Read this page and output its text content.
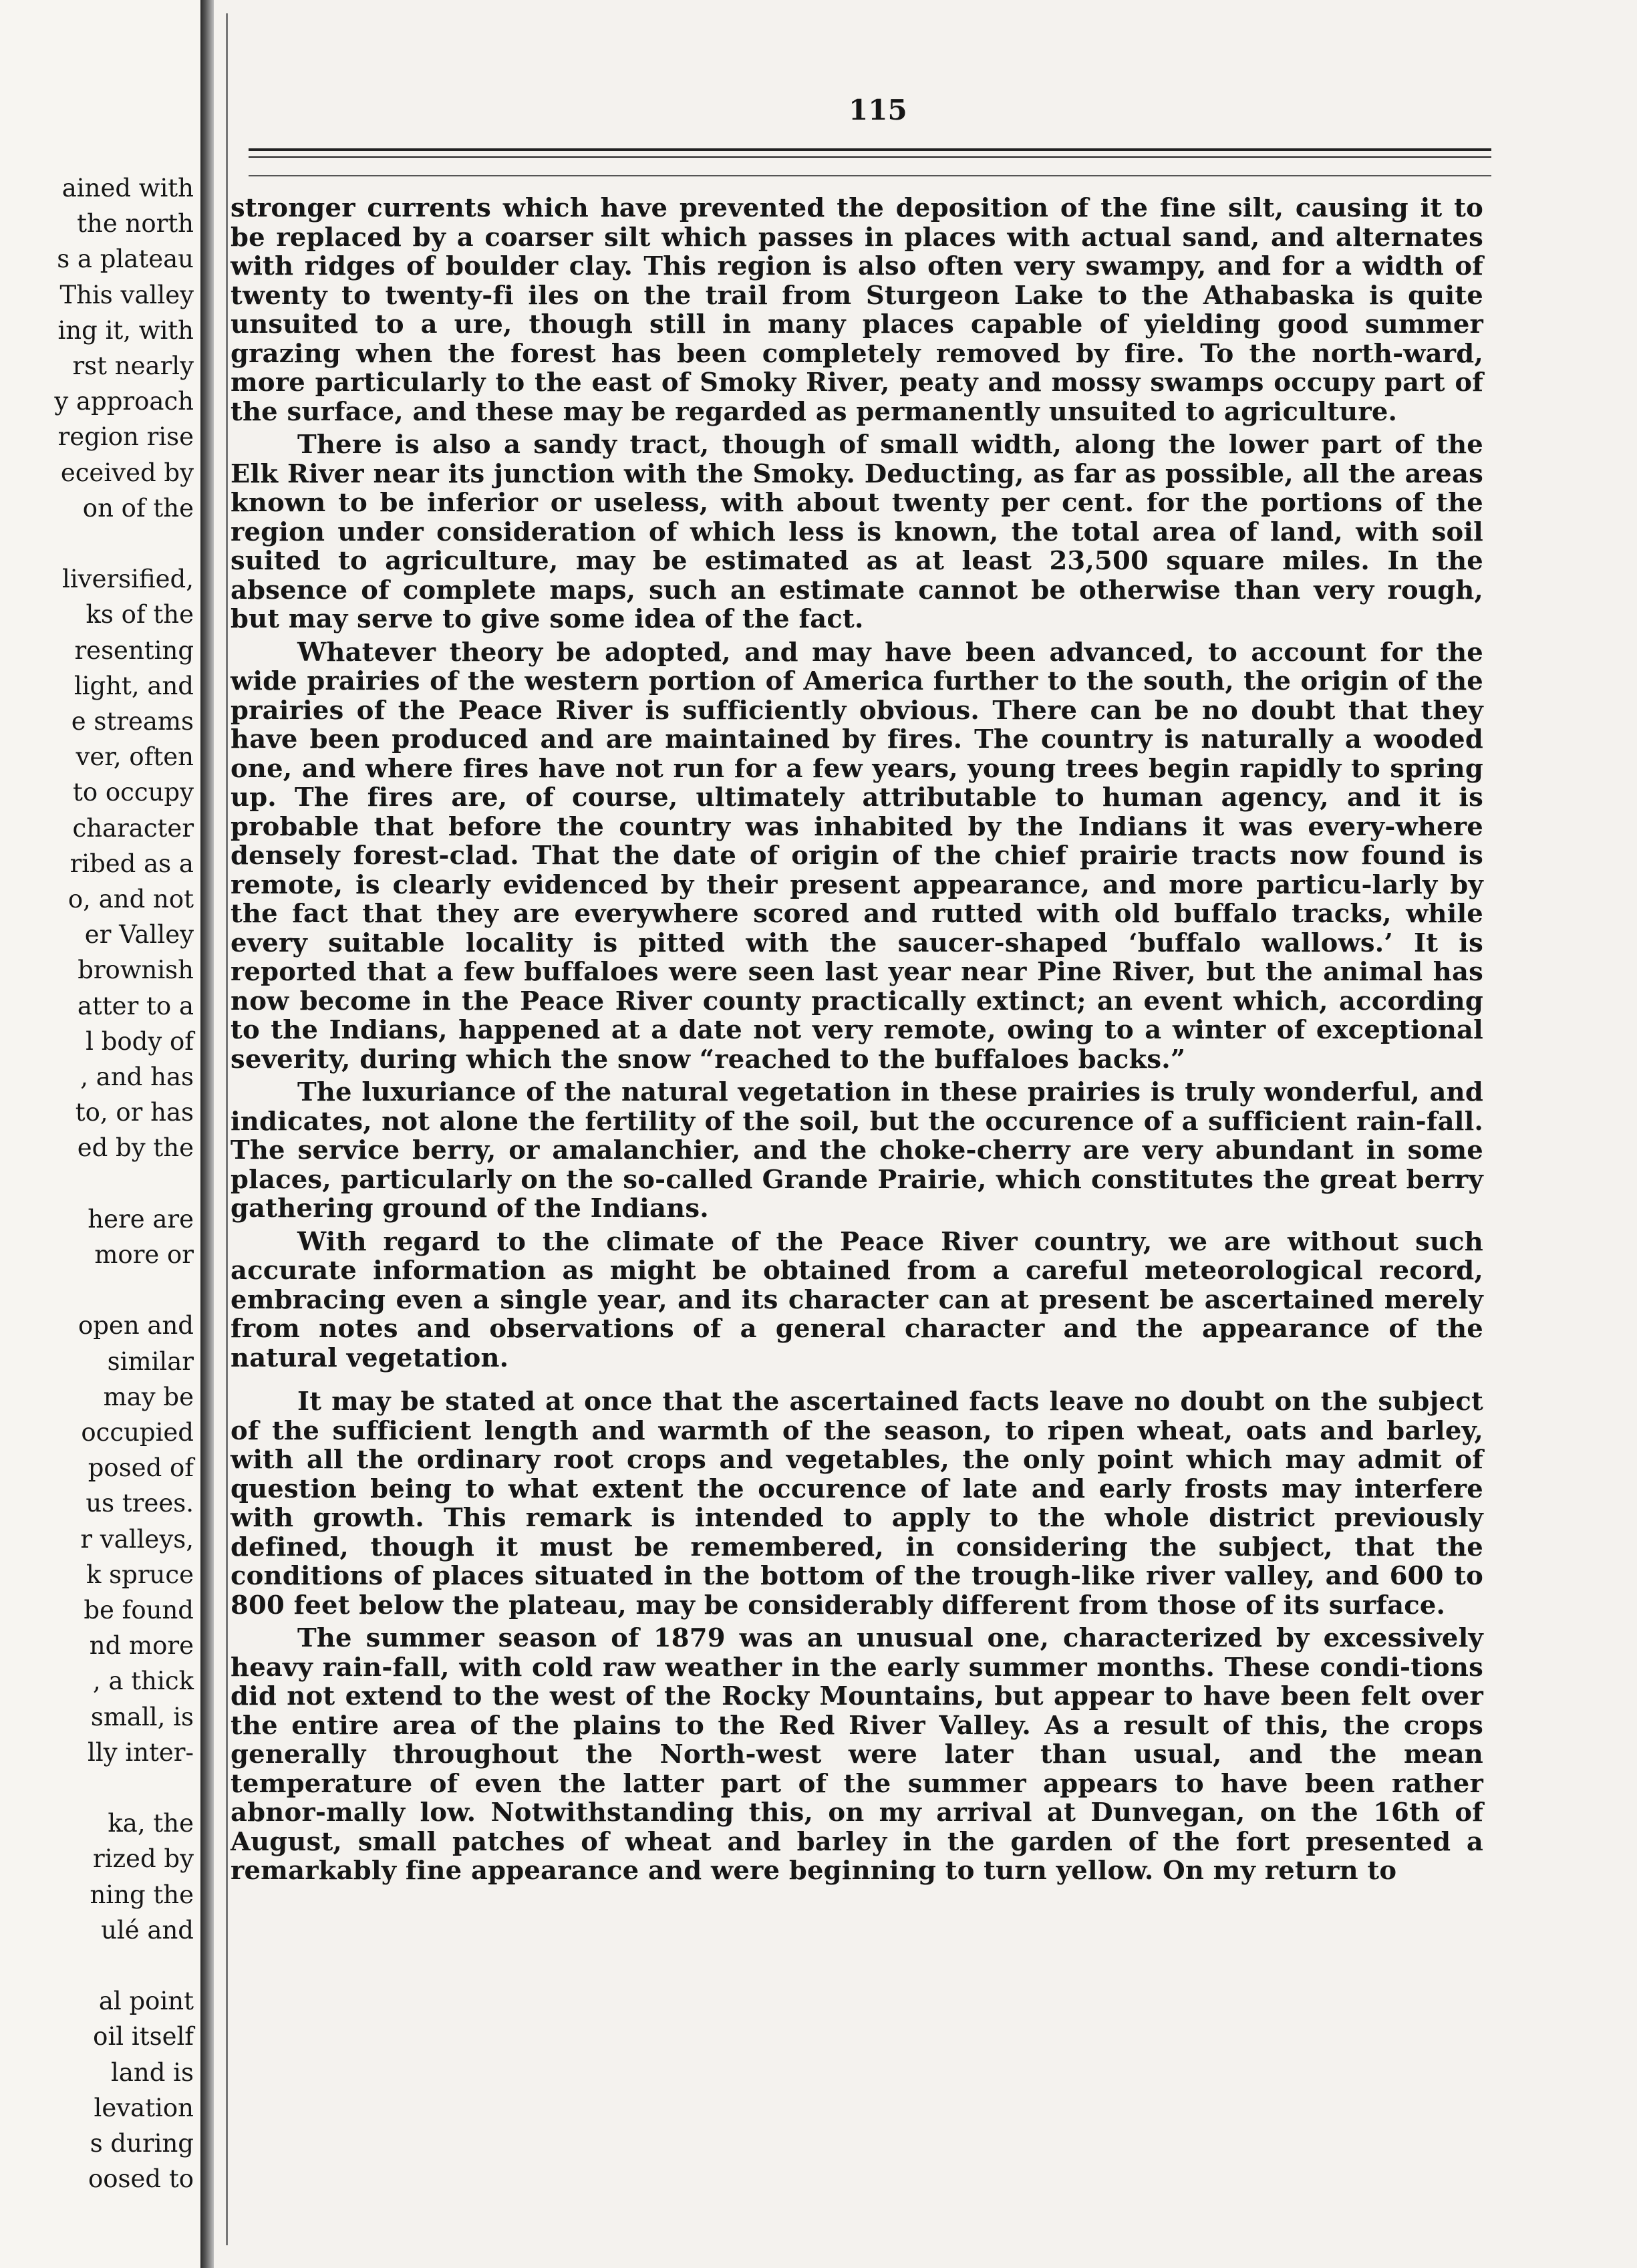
ained with
the north
s a plateau
This valley
ing it, with
rst nearly
y approach
region rise
eceived by
on of the
liversified,
ks of the
resenting
light, and
e streams
ver, often
to occupy
character
ribed as a
o, and not
er Valley
brownish
atter to a
l body of
, and has
to, or has
ed by the
here are
more or
open and
similar
may be
occupied
posed of
us trees.
r valleys,
k spruce
be found
nd more
, a thick
small, is
lly inter-
ka, the
rized by
ning the
ulé and
al point
oil itself
land is
levation
s during
oosed to
115

stronger currents which have prevented the deposition of the fine silt, causing it to be replaced by a coarser silt which passes in places with actual sand, and alternates with ridges of boulder clay. This region is also often very swampy, and for a width of twenty to twenty-fi iles on the trail from Sturgeon Lake to the Athabaska is quite unsuited to a ure, though still in many places capable of yielding good summer grazing when the forest has been completely removed by fire. To the north-ward, more particularly to the east of Smoky River, peaty and mossy swamps occupy part of the surface, and these may be regarded as permanently unsuited to agriculture.

There is also a sandy tract, though of small width, along the lower part of the Elk River near its junction with the Smoky. Deducting, as far as possible, all the areas known to be inferior or useless, with about twenty per cent. for the portions of the region under consideration of which less is known, the total area of land, with soil suited to agriculture, may be estimated as at least 23,500 square miles. In the absence of complete maps, such an estimate cannot be otherwise than very rough, but may serve to give some idea of the fact.

Whatever theory be adopted, and may have been advanced, to account for the wide prairies of the western portion of America further to the south, the origin of the prairies of the Peace River is sufficiently obvious. There can be no doubt that they have been produced and are maintained by fires. The country is naturally a wooded one, and where fires have not run for a few years, young trees begin rapidly to spring up. The fires are, of course, ultimately attributable to human agency, and it is probable that before the country was inhabited by the Indians it was every-where densely forest-clad. That the date of origin of the chief prairie tracts now found is remote, is clearly evidenced by their present appearance, and more particu-larly by the fact that they are everywhere scored and rutted with old buffalo tracks, while every suitable locality is pitted with the saucer-shaped ‘buffalo wallows.’ It is reported that a few buffaloes were seen last year near Pine River, but the animal has now become in the Peace River county practically extinct; an event which, according to the Indians, happened at a date not very remote, owing to a winter of exceptional severity, during which the snow “reached to the buffaloes backs.”

The luxuriance of the natural vegetation in these prairies is truly wonderful, and indicates, not alone the fertility of the soil, but the occurence of a sufficient rain-fall. The service berry, or amalanchier, and the choke-cherry are very abundant in some places, particularly on the so-called Grande Prairie, which constitutes the great berry gathering ground of the Indians.

With regard to the climate of the Peace River country, we are without such accurate information as might be obtained from a careful meteorological record, embracing even a single year, and its character can at present be ascertained merely from notes and observations of a general character and the appearance of the natural vegetation.

It may be stated at once that the ascertained facts leave no doubt on the subject of the sufficient length and warmth of the season, to ripen wheat, oats and barley, with all the ordinary root crops and vegetables, the only point which may admit of question being to what extent the occurence of late and early frosts may interfere with growth. This remark is intended to apply to the whole district previously defined, though it must be remembered, in considering the subject, that the conditions of places situated in the bottom of the trough-like river valley, and 600 to 800 feet below the plateau, may be considerably different from those of its surface.

The summer season of 1879 was an unusual one, characterized by excessively heavy rain-fall, with cold raw weather in the early summer months. These condi-tions did not extend to the west of the Rocky Mountains, but appear to have been felt over the entire area of the plains to the Red River Valley. As a result of this, the crops generally throughout the North-west were later than usual, and the mean temperature of even the latter part of the summer appears to have been rather abnor-mally low. Notwithstanding this, on my arrival at Dunvegan, on the 16th of August, small patches of wheat and barley in the garden of the fort presented a remarkably fine appearance and were beginning to turn yellow. On my return to
